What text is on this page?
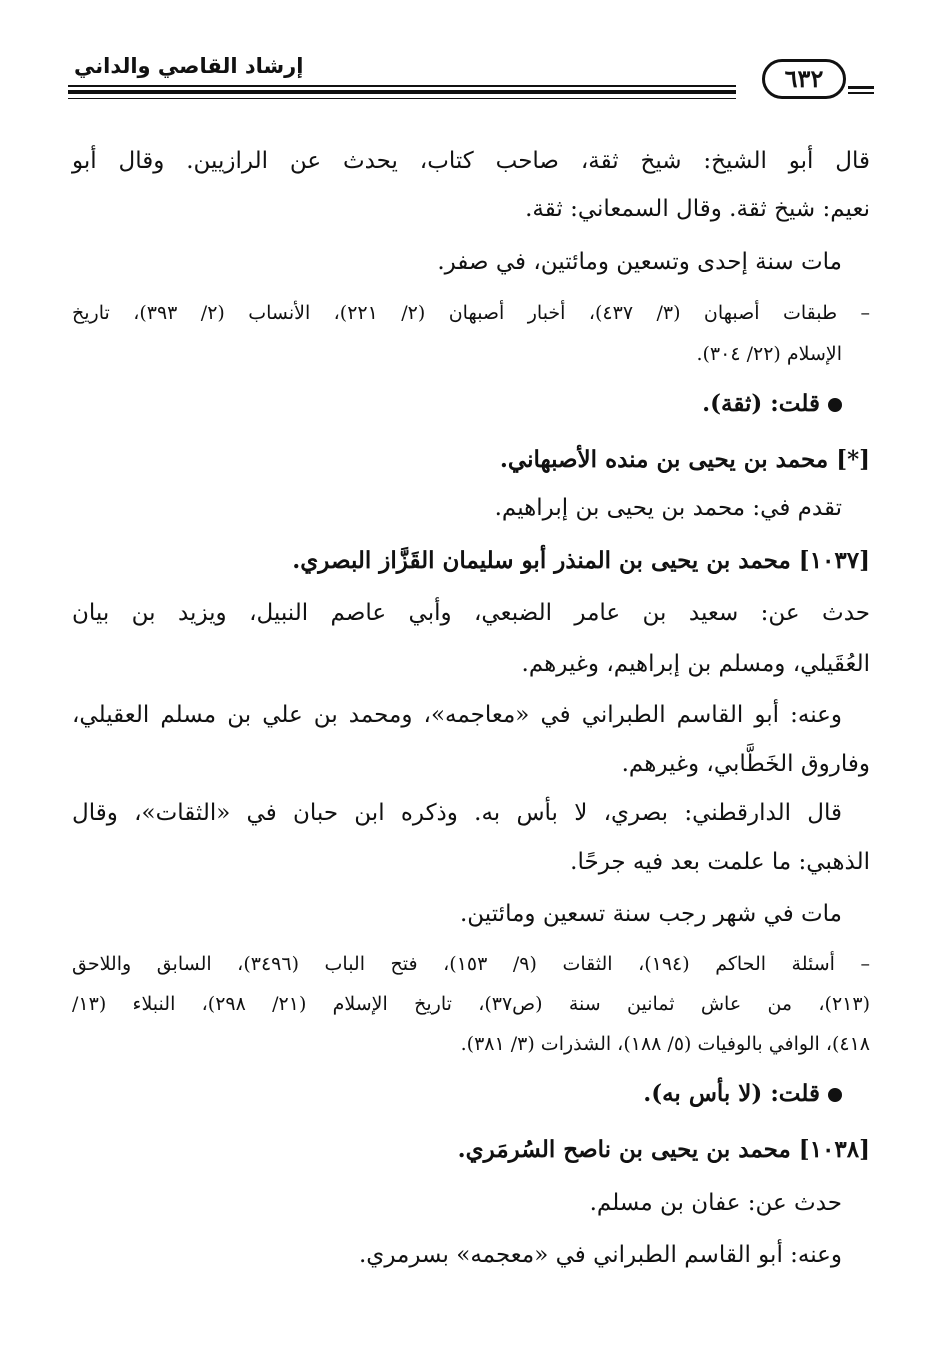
إرشاد القاصي والداني	٦٣٢
قال أبو الشيخ: شيخ ثقة، صاحب كتاب، يحدث عن الرازيين. وقال أبو
نعيم: شيخ ثقة. وقال السمعاني: ثقة.
مات سنة إحدى وتسعين ومائتين، في صفر.
– طبقات أصبهان (٣/ ٤٣٧)، أخبار أصبهان (٢/ ٢٢١)، الأنساب (٢/ ٣٩٣)، تاريخ
الإسلام (٢٢/ ٣٠٤).
قلت: (ثقة).
[*] محمد بن يحيى بن منده الأصبهاني.
تقدم في: محمد بن يحيى بن إبراهيم.
[١٠٣٧] محمد بن يحيى بن المنذر أبو سليمان القَزَّاز البصري.
حدث عن: سعيد بن عامر الضبعي، وأبي عاصم النبيل، ويزيد بن بيان
العُقَيلي، ومسلم بن إبراهيم، وغيرهم.
وعنه: أبو القاسم الطبراني في «معاجمه»، ومحمد بن علي بن مسلم العقيلي،
وفاروق الخَطَّابي، وغيرهم.
قال الدارقطني: بصري، لا بأس به. وذكره ابن حبان في «الثقات»، وقال
الذهبي: ما علمت بعد فيه جرحًا.
مات في شهر رجب سنة تسعين ومائتين.
– أسئلة الحاكم (١٩٤)، الثقات (٩/ ١٥٣)، فتح الباب (٣٤٩٦)، السابق واللاحق
(٢١٣)، من عاش ثمانين سنة (ص٣٧)، تاريخ الإسلام (٢١/ ٢٩٨)، النبلاء (١٣/
٤١٨)، الوافي بالوفيات (٥/ ١٨٨)، الشذرات (٣/ ٣٨١).
قلت: (لا بأس به).
[١٠٣٨] محمد بن يحيى بن ناصح السُرمَري.
حدث عن: عفان بن مسلم.
وعنه: أبو القاسم الطبراني في «معجمه» بسرمري.
